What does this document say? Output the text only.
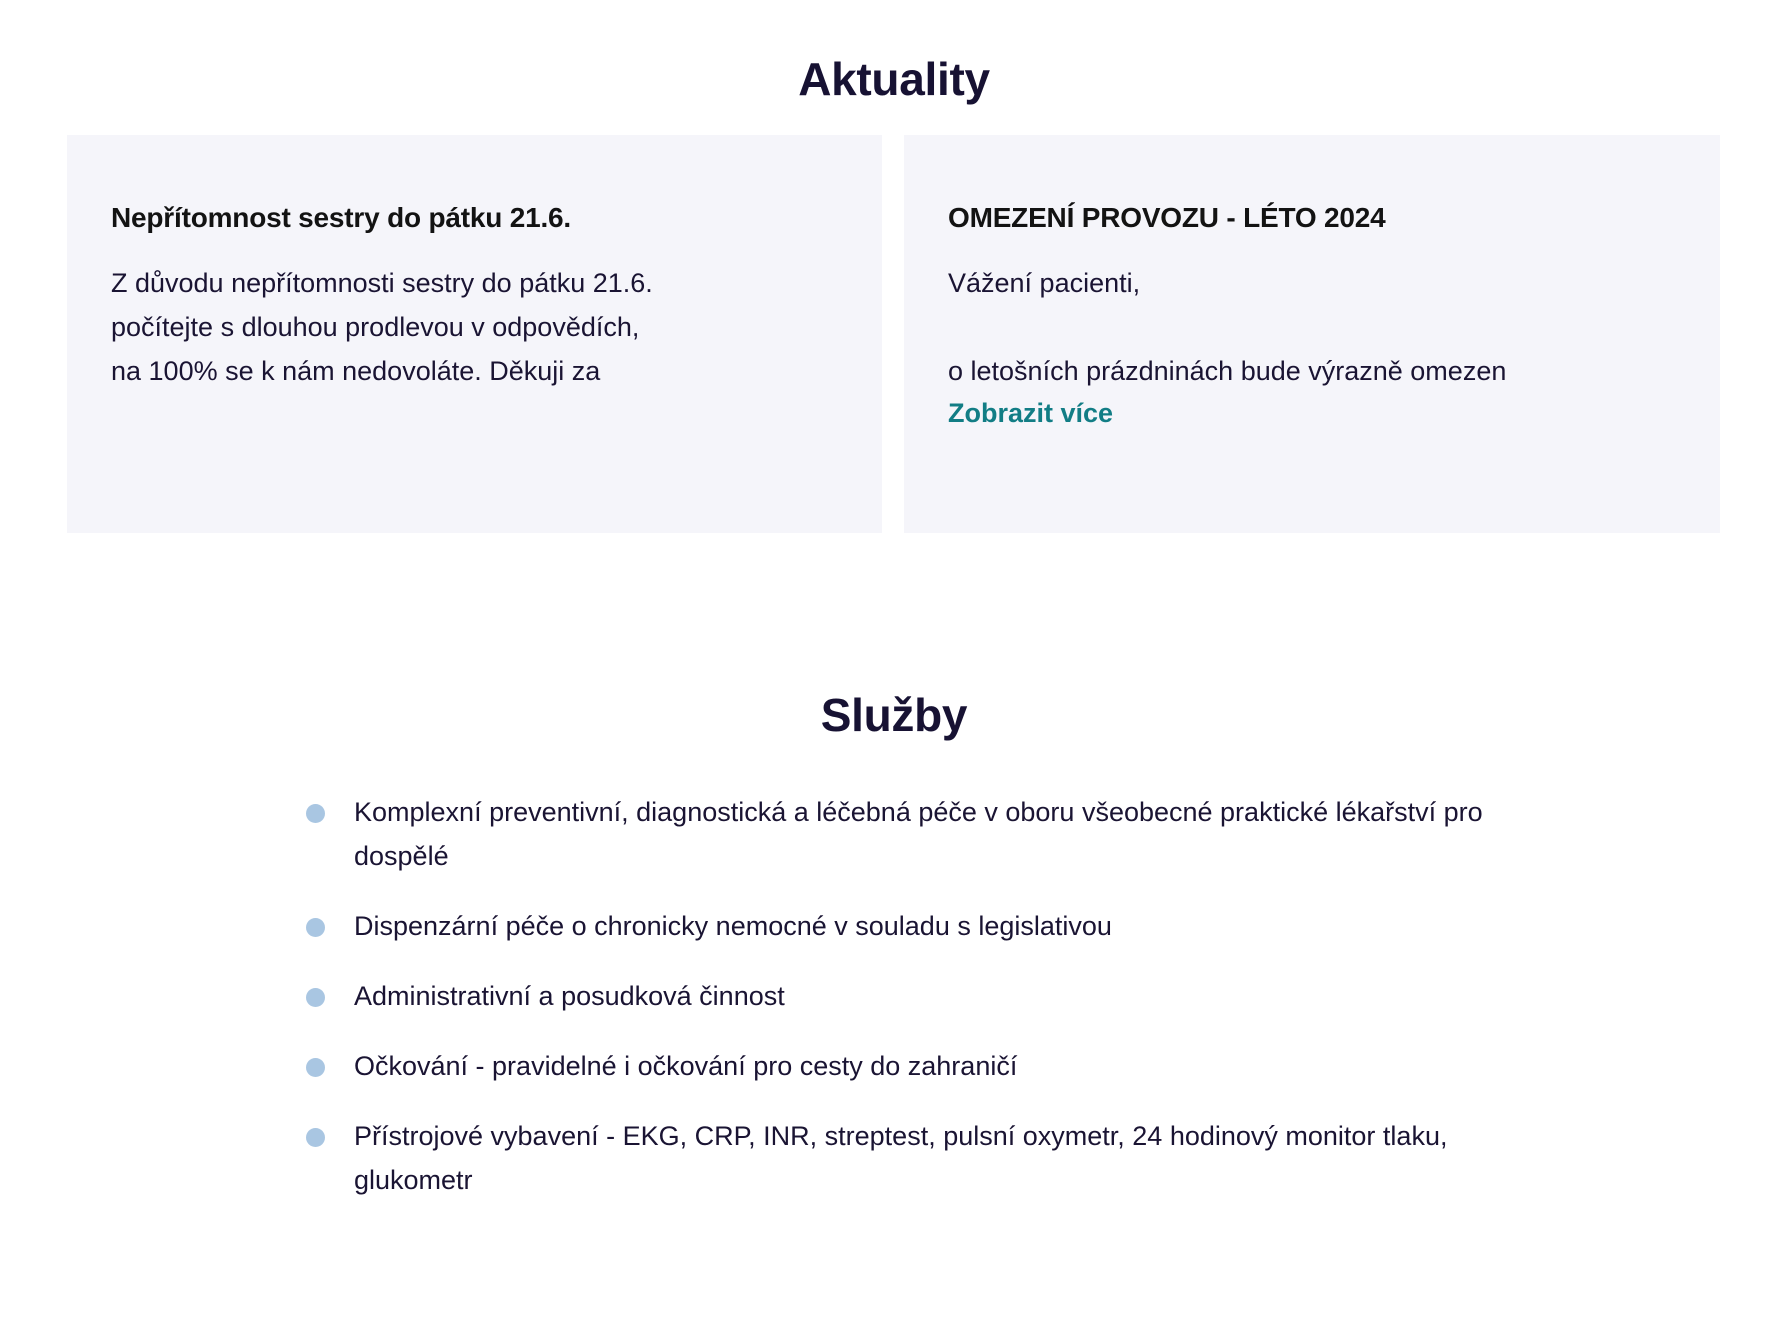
Aktuality
Nepřítomnost sestry do pátku 21.6.

Z důvodu nepřítomnosti sestry do pátku 21.6.

počítejte s dlouhou prodlevou v odpovědích,

na 100% se k nám nedovoláte. Děkuji za

OMEZENÍ PROVOZU - LÉTO 2024

Vážení pacienti,

o letošních prázdninách bude výrazně omezen

Zobrazit více
Služby
Komplexní preventivní, diagnostická a léčebná péče v oboru všeobecné praktické lékařství pro dospělé
Dispenzární péče o chronicky nemocné v souladu s legislativou
Administrativní a posudková činnost
Očkování - pravidelné i očkování pro cesty do zahraničí
Přístrojové vybavení - EKG, CRP, INR, streptest, pulsní oxymetr, 24 hodinový monitor tlaku, glukometr
